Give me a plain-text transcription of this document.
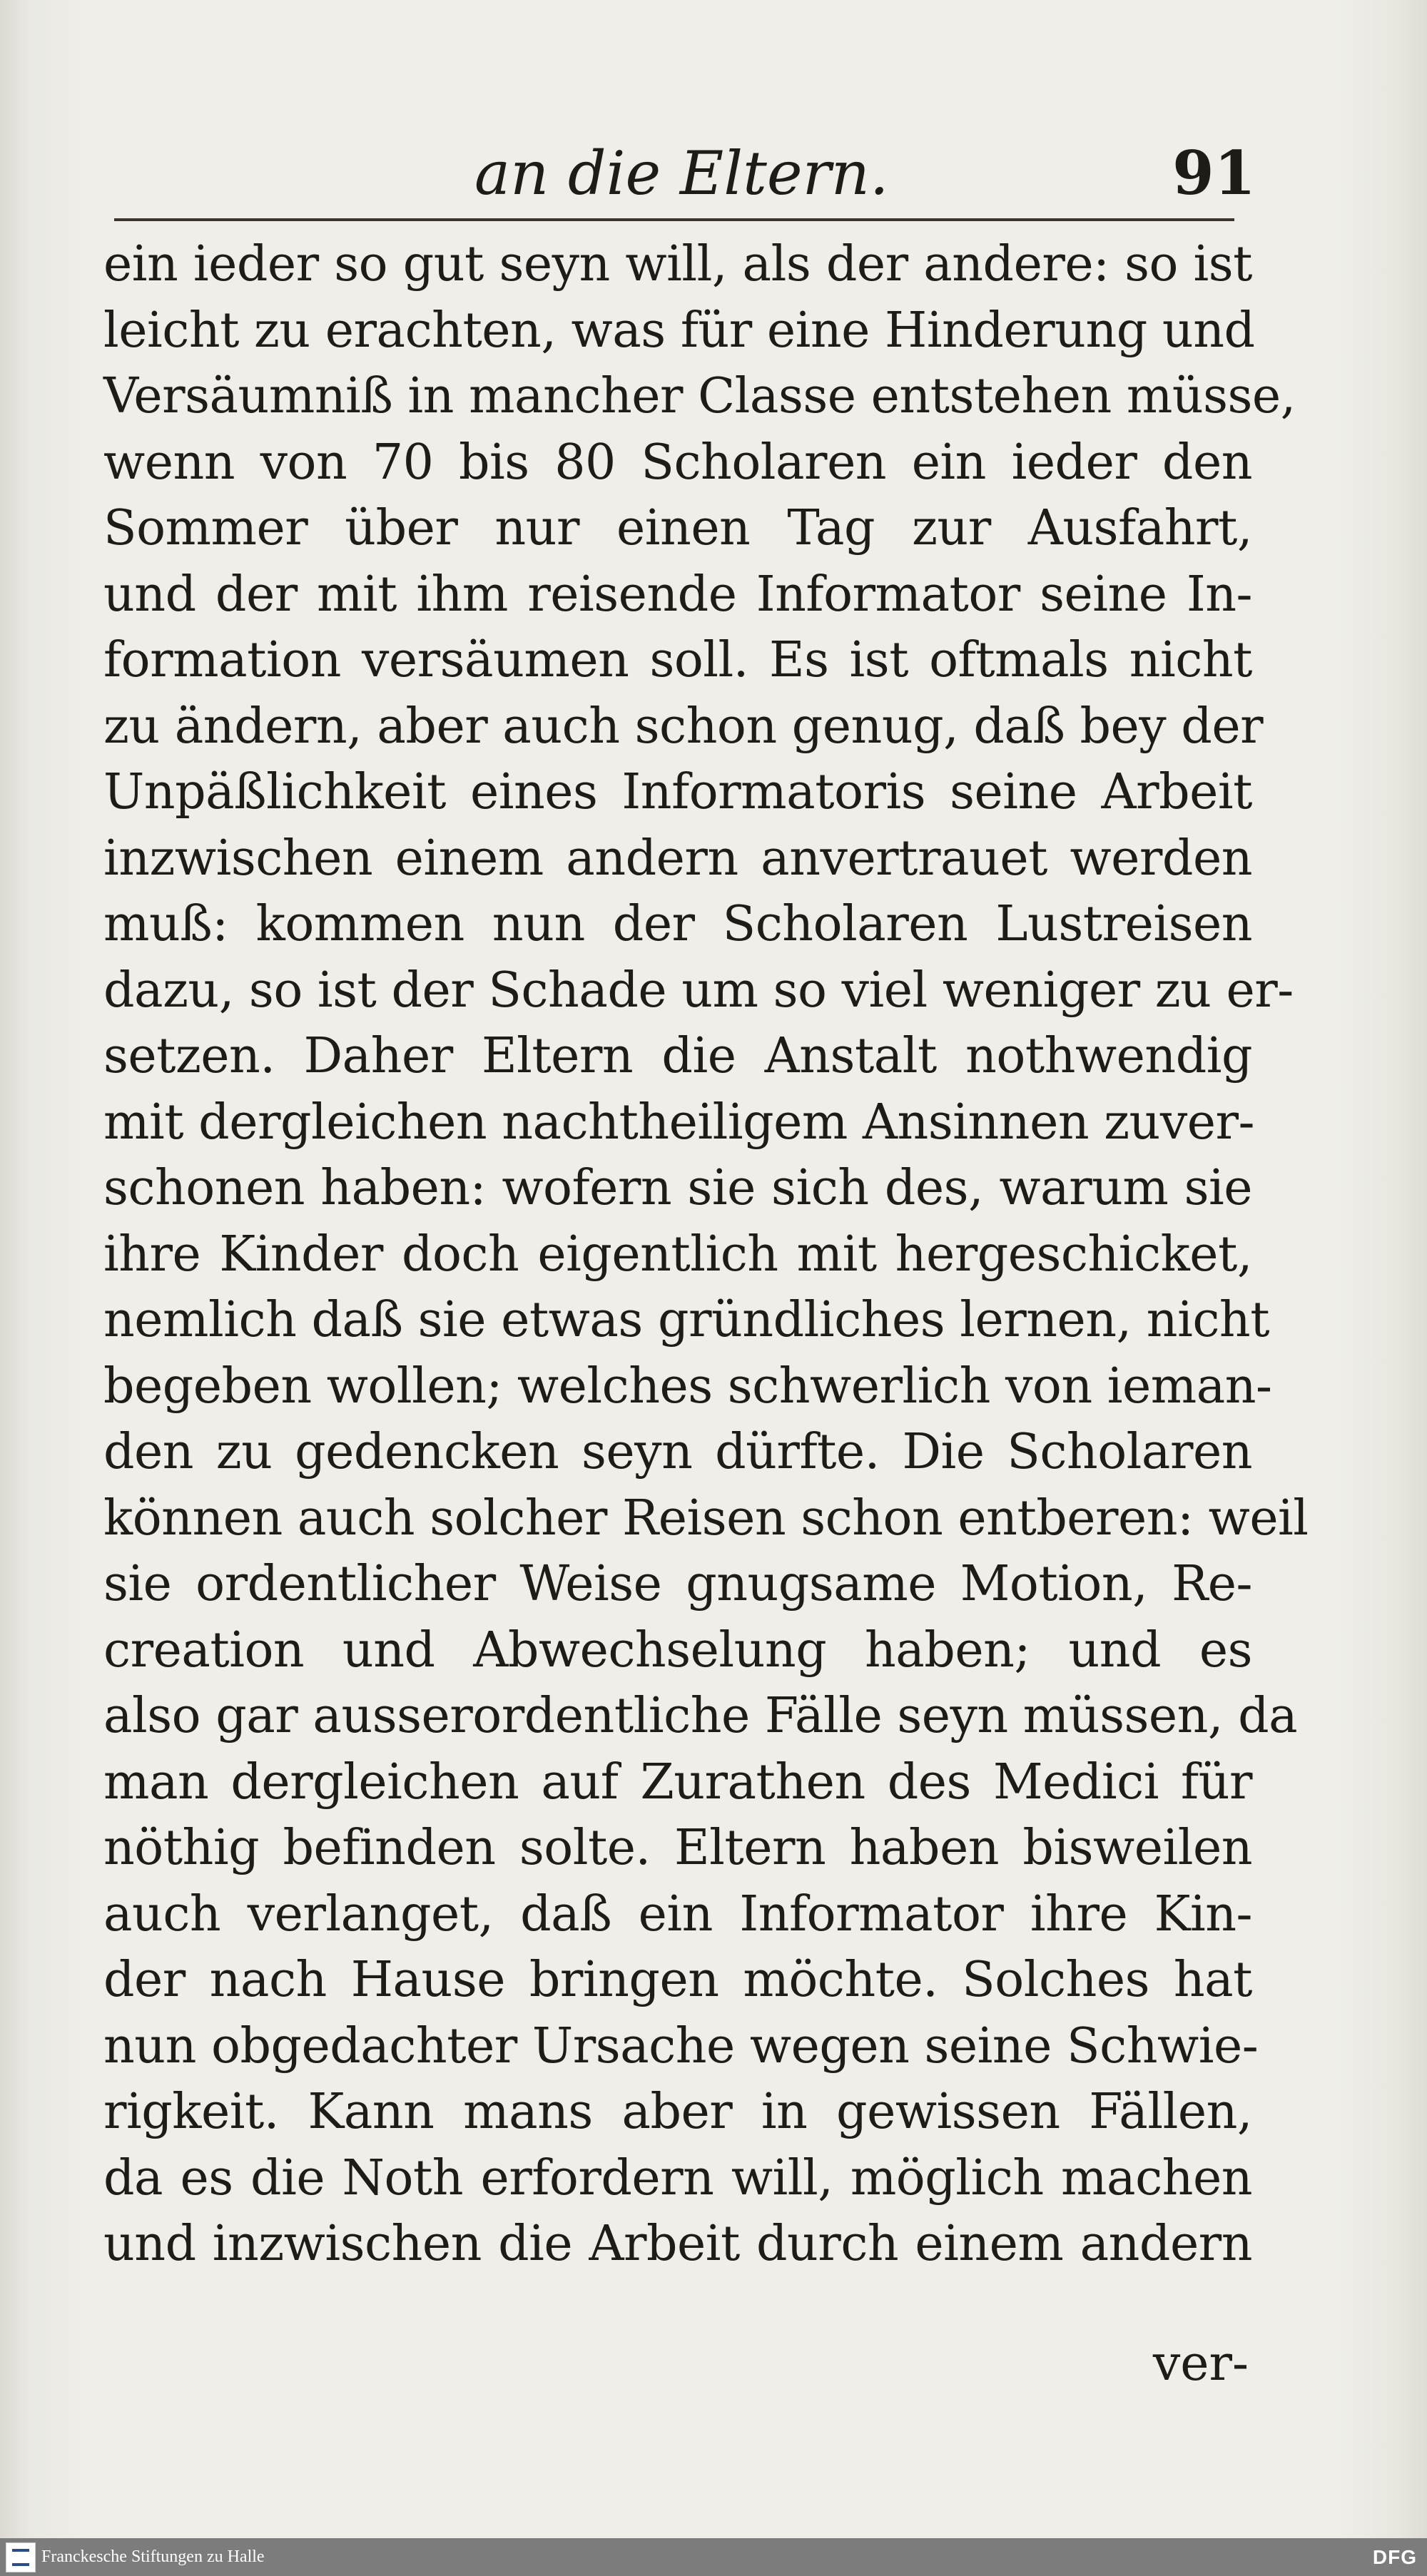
an die Eltern.	91
ein ieder so gut seyn will, als der andere: so ist
leicht zu erachten, was für eine Hinderung und
Versäumniß in mancher Classe entstehen müsse,
wenn von 70 bis 80 Scholaren ein ieder den
Sommer über nur einen Tag zur Ausfahrt,
und der mit ihm reisende Informator seine In-
formation versäumen soll. Es ist oftmals nicht
zu ändern, aber auch schon genug, daß bey der
Unpäßlichkeit eines Informatoris seine Arbeit
inzwischen einem andern anvertrauet werden
muß: kommen nun der Scholaren Lustreisen
dazu, so ist der Schade um so viel weniger zu er-
setzen. Daher Eltern die Anstalt nothwendig
mit dergleichen nachtheiligem Ansinnen zuver-
schonen haben: wofern sie sich des, warum sie
ihre Kinder doch eigentlich mit hergeschicket,
nemlich daß sie etwas gründliches lernen, nicht
begeben wollen; welches schwerlich von ieman-
den zu gedencken seyn dürfte. Die Scholaren
können auch solcher Reisen schon entberen: weil
sie ordentlicher Weise gnugsame Motion, Re-
creation und Abwechselung haben; und es
also gar ausserordentliche Fälle seyn müssen, da
man dergleichen auf Zurathen des Medici für
nöthig befinden solte. Eltern haben bisweilen
auch verlanget, daß ein Informator ihre Kin-
der nach Hause bringen möchte. Solches hat
nun obgedachter Ursache wegen seine Schwie-
rigkeit. Kann mans aber in gewissen Fällen,
da es die Noth erfordern will, möglich machen
und inzwischen die Arbeit durch einem andern
ver-
Franckesche Stiftungen zu Halle	DFG
